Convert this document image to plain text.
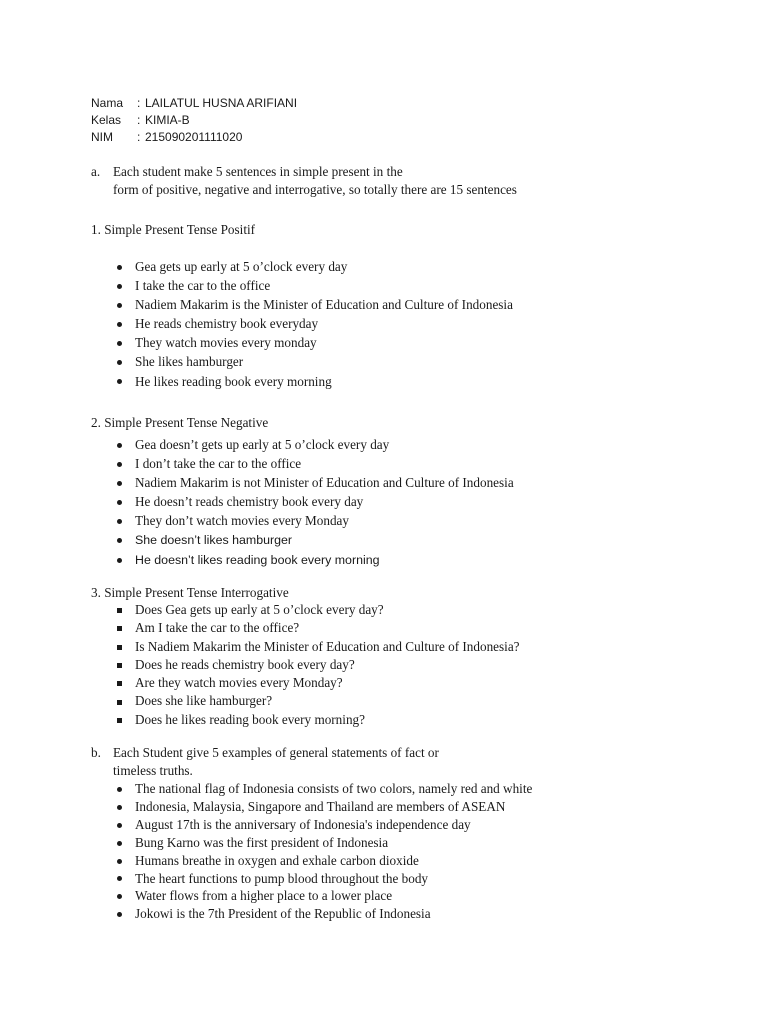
Nama	: LAILATUL HUSNA ARIFIANI
Kelas	: KIMIA-B
NIM	: 215090201111020
a. Each student make 5 sentences in simple present in the
form of positive, negative and interrogative, so totally there are 15 sentences
1. Simple Present Tense Positif
Gea gets up early at 5 o’clock every day
I take the car to the office
Nadiem Makarim is the Minister of Education and Culture of Indonesia
He reads chemistry book everyday
They watch movies every monday
She likes hamburger
He likes reading book every morning
2. Simple Present Tense Negative
Gea doesn’t gets up early at 5 o’clock every day
I don’t take the car to the office
Nadiem Makarim is not Minister of Education and Culture of Indonesia
He doesn’t reads chemistry book every day
They don’t watch movies every Monday
She doesn’t likes hamburger
He doesn’t likes reading book every morning
3. Simple Present Tense Interrogative
Does Gea gets up early at 5 o’clock every day?
Am I take the car to the office?
Is Nadiem Makarim the Minister of Education and Culture of Indonesia?
Does he reads chemistry book every day?
Are they watch movies every Monday?
Does she like hamburger?
Does he likes reading book every morning?
b. Each Student give 5 examples of general statements of fact or
timeless truths.
The national flag of Indonesia consists of two colors, namely red and white
Indonesia, Malaysia, Singapore and Thailand are members of ASEAN
August 17th is the anniversary of Indonesia's independence day
Bung Karno was the first president of Indonesia
Humans breathe in oxygen and exhale carbon dioxide
The heart functions to pump blood throughout the body
Water flows from a higher place to a lower place
Jokowi is the 7th President of the Republic of Indonesia
